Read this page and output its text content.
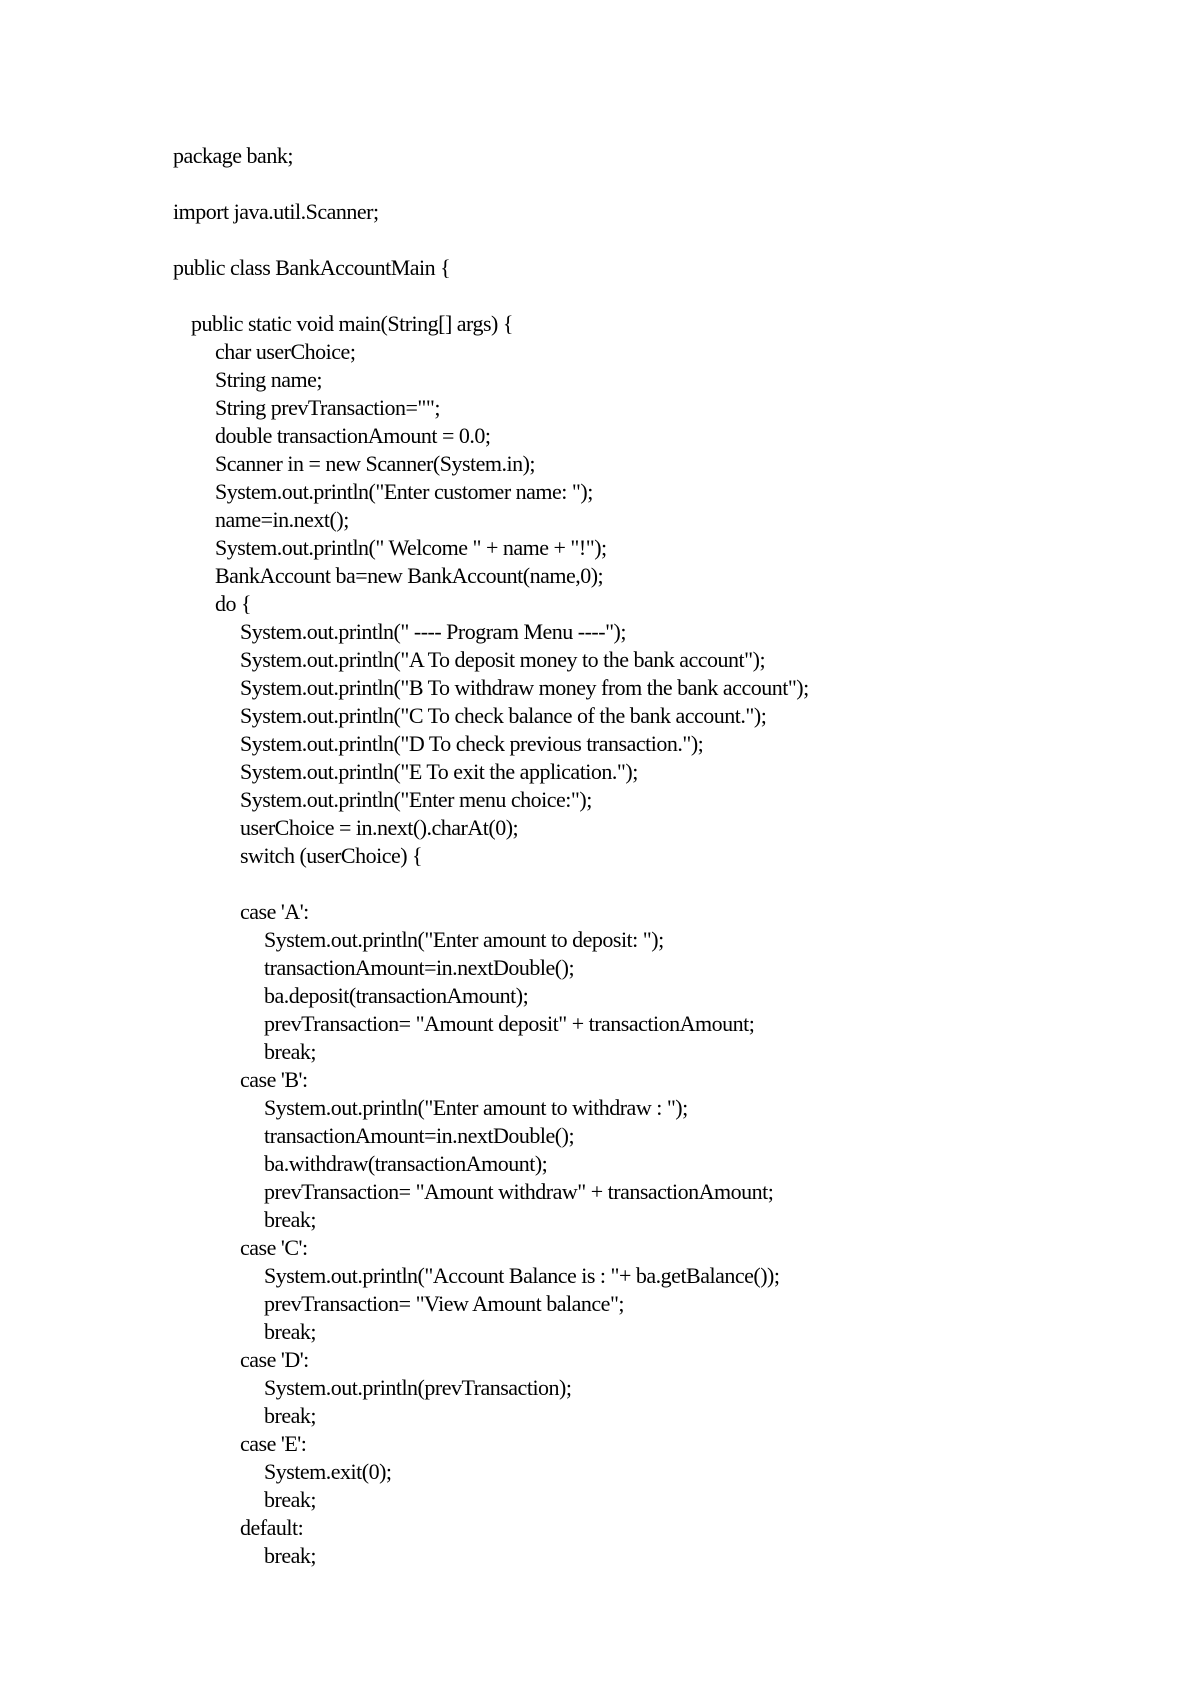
package bank;
import java.util.Scanner;
public class BankAccountMain {
public static void main(String[] args) {
char userChoice;
String name;
String prevTransaction="";
double transactionAmount = 0.0;
Scanner in = new Scanner(System.in);
System.out.println("Enter customer name: ");
name=in.next();
System.out.println(" Welcome " + name + "!");
BankAccount ba=new BankAccount(name,0);
do {
System.out.println(" ---- Program Menu ----");
System.out.println("A To deposit money to the bank account");
System.out.println("B To withdraw money from the bank account");
System.out.println("C To check balance of the bank account.");
System.out.println("D To check previous transaction.");
System.out.println("E To exit the application.");
System.out.println("Enter menu choice:");
userChoice = in.next().charAt(0);
switch (userChoice) {
case 'A':
System.out.println("Enter amount to deposit: ");
transactionAmount=in.nextDouble();
ba.deposit(transactionAmount);
prevTransaction= "Amount deposit" + transactionAmount;
break;
case 'B':
System.out.println("Enter amount to withdraw : ");
transactionAmount=in.nextDouble();
ba.withdraw(transactionAmount);
prevTransaction= "Amount withdraw" + transactionAmount;
break;
case 'C':
System.out.println("Account Balance is : "+ ba.getBalance());
prevTransaction= "View Amount balance";
break;
case 'D':
System.out.println(prevTransaction);
break;
case 'E':
System.exit(0);
break;
default:
break;
